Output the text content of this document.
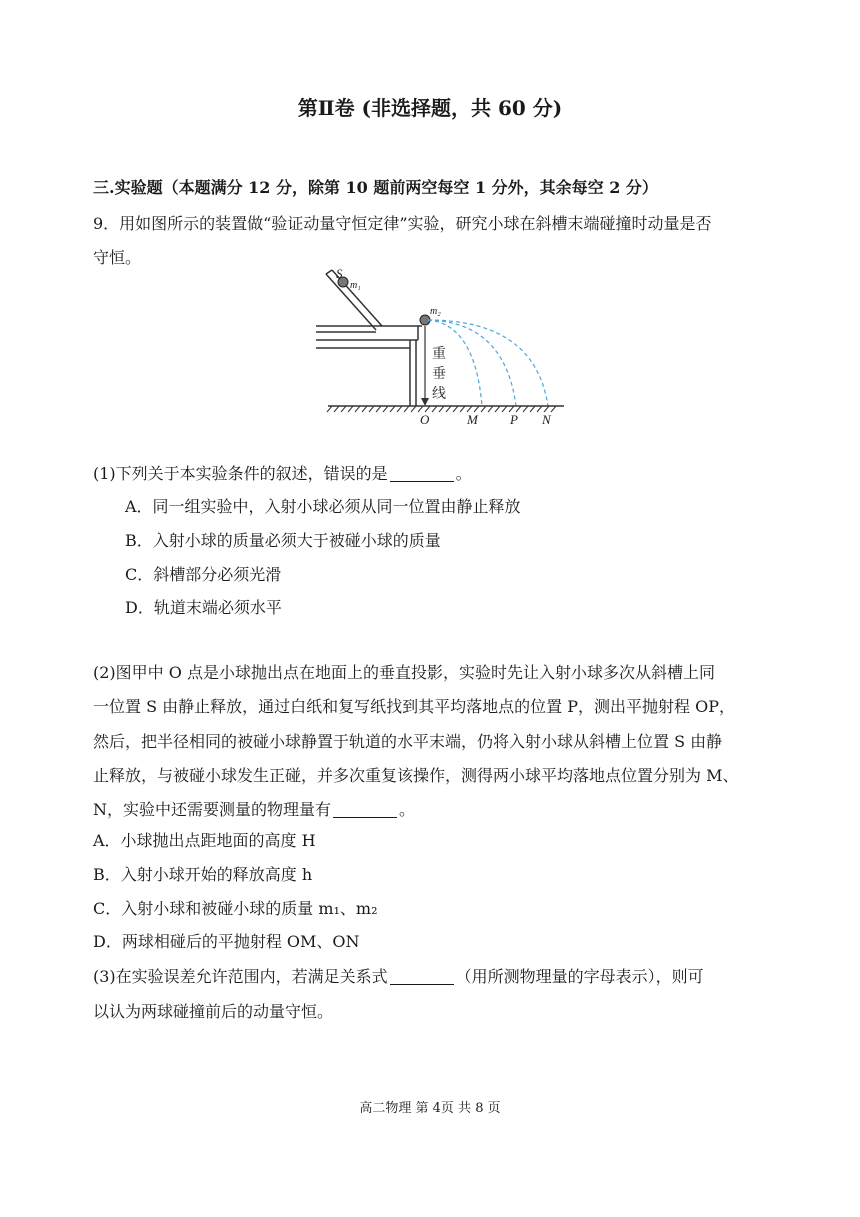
第Ⅱ卷 (非选择题，共 60 分)
三.实验题（本题满分 12 分，除第 10 题前两空每空 1 分外，其余每空 2 分）
9．用如图所示的装置做“验证动量守恒定律”实验，研究小球在斜槽末端碰撞时动量是否
守恒。
S
m₁
m₂
重
垂
线
O	M P N
(1)下列关于本实验条件的叙述，错误的是	。
A．同一组实验中，入射小球必须从同一位置由静止释放
B．入射小球的质量必须大于被碰小球的质量
C．斜槽部分必须光滑
D．轨道末端必须水平
(2)图甲中 O 点是小球抛出点在地面上的垂直投影，实验时先让入射小球多次从斜槽上同
一位置 S 由静止释放，通过白纸和复写纸找到其平均落地点的位置 P，测出平抛射程 OP，
然后，把半径相同的被碰小球静置于轨道的水平末端，仍将入射小球从斜槽上位置 S 由静
止释放，与被碰小球发生正碰，并多次重复该操作，测得两小球平均落地点位置分别为 M、
N，实验中还需要测量的物理量有	。
A．小球抛出点距地面的高度 H
B．入射小球开始的释放高度 h
C．入射小球和被碰小球的质量 m₁、m₂
D．两球相碰后的平抛射程 OM、ON
(3)在实验误差允许范围内，若满足关系式	（用所测物理量的字母表示），则可
以认为两球碰撞前后的动量守恒。
高二物理 第 4页 共 8 页
